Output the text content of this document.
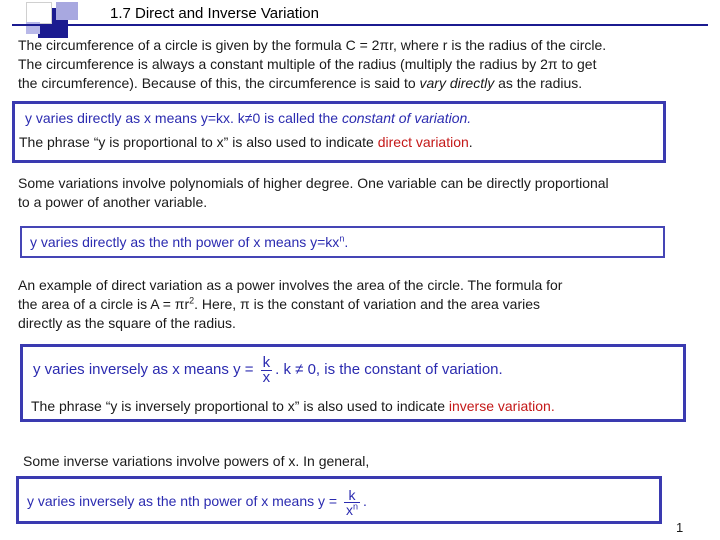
1.7 Direct and Inverse Variation
The circumference of a circle is given by the formula C = 2πr, where r is the radius of the circle.
The circumference is always a constant multiple of the radius (multiply the radius by 2π to get
the circumference). Because of this, the circumference is said to vary directly as the radius.
y varies directly as x means y=kx. k≠0 is called the constant of variation.
The phrase “y is proportional to x” is also used to indicate direct variation.
Some variations involve polynomials of higher degree. One variable can be directly proportional
to a power of another variable.
y varies directly as the nth power of x means $y=kx^n$.
An example of direct variation as a power involves the area of the circle. The formula for
the area of a circle is $A = \pi r^2$. Here, π is the constant of variation and the area varies
directly as the square of the radius.
y varies inversely as x means $y = \frac{k}{x}$ . k ≠ 0, is the constant of variation.
The phrase “y is inversely proportional to x” is also used to indicate inverse variation.
Some inverse variations involve powers of x. In general,
y varies inversely as the nth power of x means $y = \frac{k}{x^n}$ .
1
